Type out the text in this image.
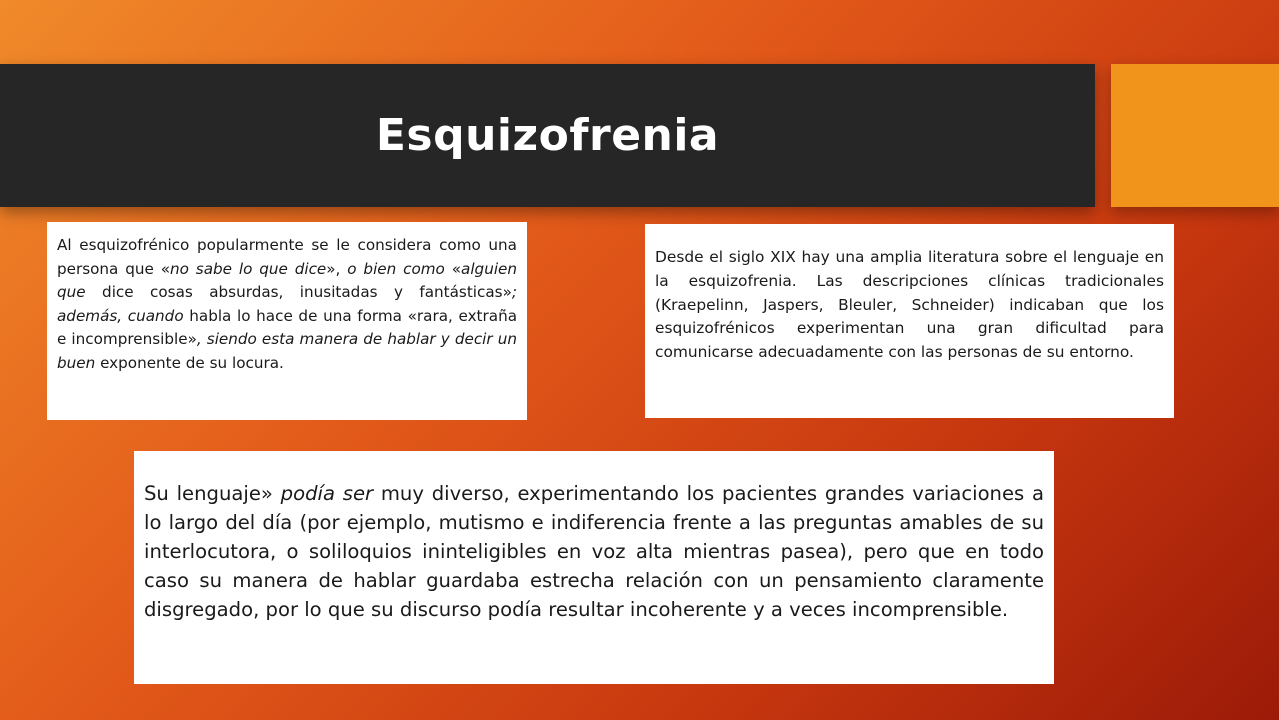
Esquizofrenia

Al esquizofrénico popularmente se le considera como una persona que «no sabe lo que dice», o bien como «alguien que dice cosas absurdas, inusitadas y fantásticas»; además, cuando habla lo hace de una forma «rara, extraña e incomprensible», siendo esta manera de hablar y decir un buen exponente de su locura.

Desde el siglo XIX hay una amplia literatura sobre el lenguaje en la esquizofrenia. Las descripciones clínicas tradicionales (Kraepelinn, Jaspers, Bleuler, Schneider) indicaban que los esquizofrénicos experimentan una gran dificultad para comunicarse adecuadamente con las personas de su entorno.

Su lenguaje» podía ser muy diverso, experimentando los pacientes grandes variaciones a lo largo del día (por ejemplo, mutismo e indiferencia frente a las preguntas amables de su interlocutora, o soliloquios ininteligibles en voz alta mientras pasea), pero que en todo caso su manera de hablar guardaba estrecha relación con un pensamiento claramente disgregado, por lo que su discurso podía resultar incoherente y a veces incomprensible.
